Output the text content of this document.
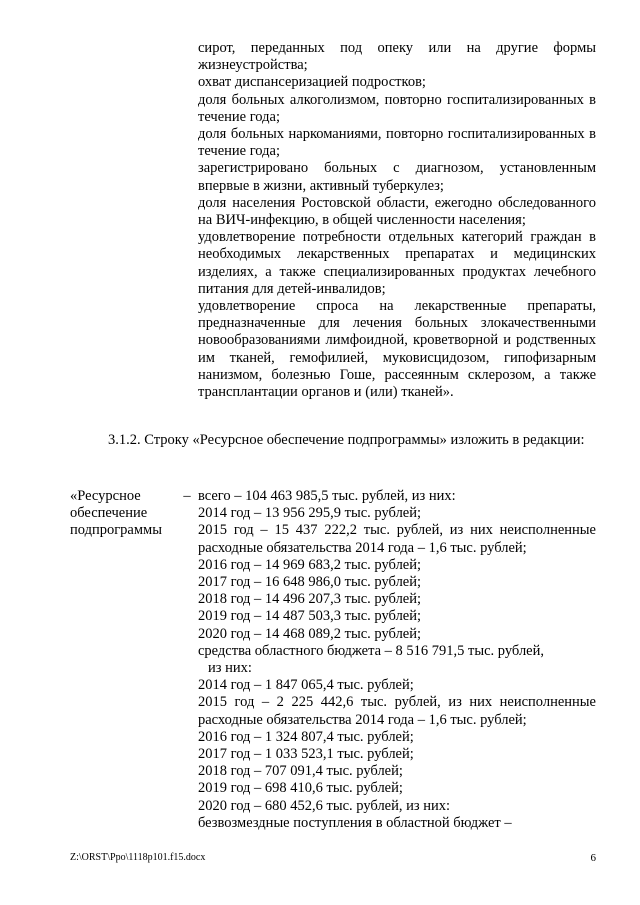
сирот, переданных под опеку или на другие формы жизнеустройства;
охват диспансеризацией подростков;
доля больных алкоголизмом, повторно госпитализированных в течение года;
доля больных наркоманиями, повторно госпитализированных в течение года;
зарегистрировано больных с диагнозом, установленным впервые в жизни, активный туберкулез;
доля населения Ростовской области, ежегодно обследованного на ВИЧ-инфекцию, в общей численности населения;
удовлетворение потребности отдельных категорий граждан в необходимых лекарственных препаратах и медицинских изделиях, а также специализированных продуктах лечебного питания для детей-инвалидов;
удовлетворение спроса на лекарственные препараты, предназначенные для лечения больных злокачественными новообразованиями лимфоидной, кроветворной и родственных им тканей, гемофилией, муковисцидозом, гипофизарным нанизмом, болезнью Гоше, рассеянным склерозом, а также трансплантации органов и (или) тканей».
3.1.2. Строку «Ресурсное обеспечение подпрограммы» изложить в редакции:
«Ресурсное
обеспечение
подпрограммы
– всего – 104 463 985,5 тыс. рублей, из них:
2014 год – 13 956 295,9 тыс. рублей;
2015 год – 15 437 222,2 тыс. рублей, из них неисполненные расходные обязательства 2014 года – 1,6 тыс. рублей;
2016 год – 14 969 683,2 тыс. рублей;
2017 год – 16 648 986,0 тыс. рублей;
2018 год – 14 496 207,3 тыс. рублей;
2019 год – 14 487 503,3 тыс. рублей;
2020 год – 14 468 089,2 тыс. рублей;
средства областного бюджета – 8 516 791,5 тыс. рублей,
из них:
2014 год – 1 847 065,4 тыс. рублей;
2015 год – 2 225 442,6 тыс. рублей, из них неисполненные расходные обязательства 2014 года – 1,6 тыс. рублей;
2016 год – 1 324 807,4 тыс. рублей;
2017 год – 1 033 523,1 тыс. рублей;
2018 год – 707 091,4 тыс. рублей;
2019 год – 698 410,6 тыс. рублей;
2020 год – 680 452,6 тыс. рублей, из них:
безвозмездные поступления в областной бюджет –
Z:\ORST\Ppo\1118p101.f15.docx	6
